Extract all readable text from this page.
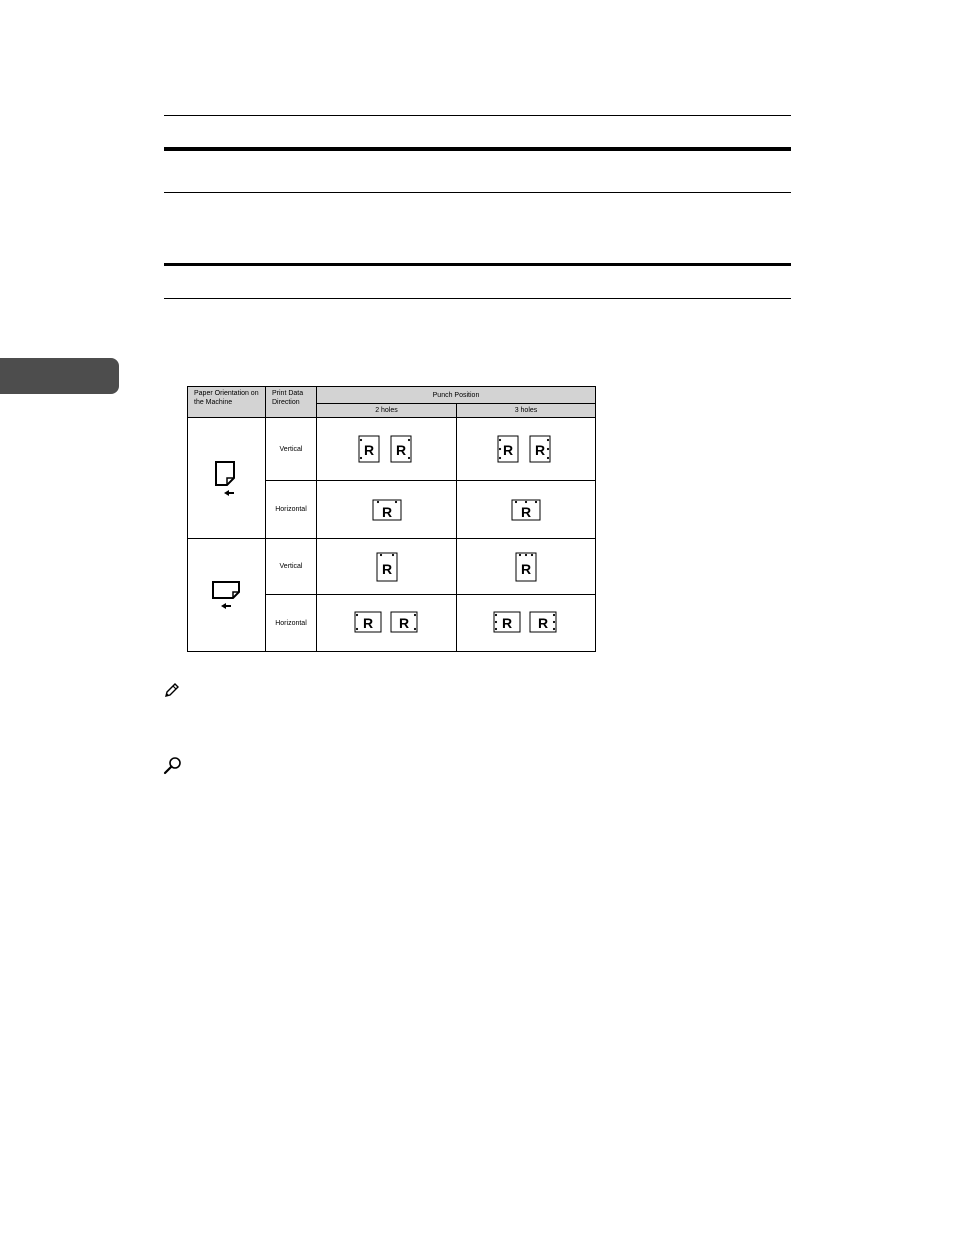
Paper Orientation on the Machine	Print Data Direction	Punch Position	
		2 holes	3 holes

	Vertical	R R	R R

	Horizontal	R	R

	Vertical	R	R

	Horizontal	R R	R R
